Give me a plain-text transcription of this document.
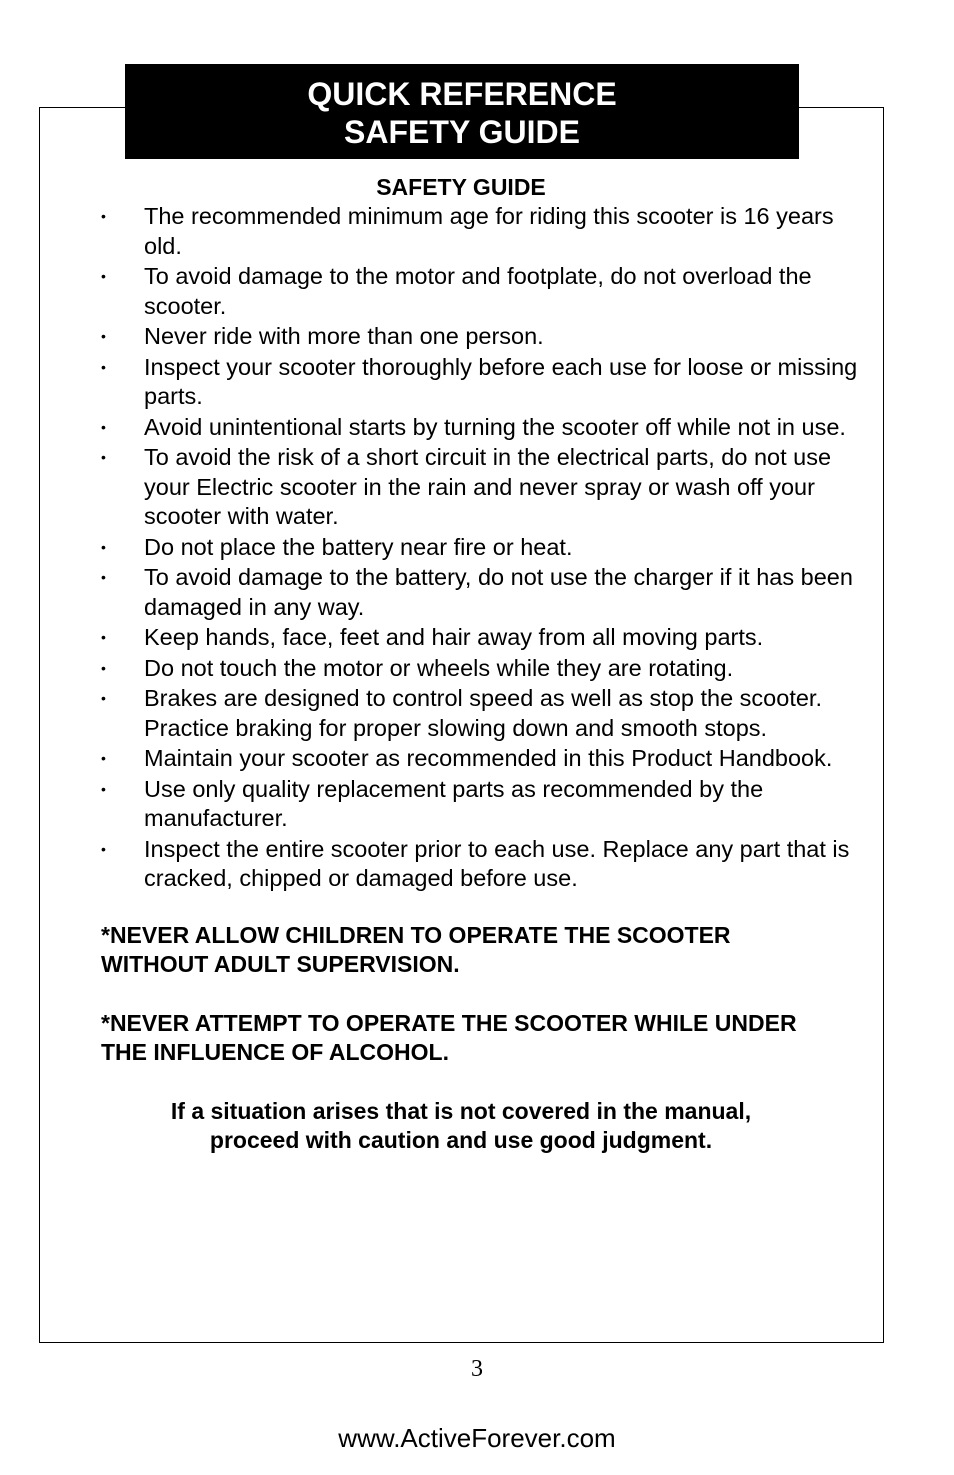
QUICK REFERENCE
SAFETY GUIDE
SAFETY GUIDE
• The recommended minimum age for riding this scooter is 16 years old.
• To avoid damage to the motor and footplate, do not overload the scooter.
• Never ride with more than one person.
• Inspect your scooter thoroughly before each use for loose or missing parts.
• Avoid unintentional starts by turning the scooter off while not in use.
• To avoid the risk of a short circuit in the electrical parts, do not use your Electric scooter in the rain and never spray or wash off your scooter with water.
• Do not place the battery near fire or heat.
• To avoid damage to the battery, do not use the charger if it has been damaged in any way.
• Keep hands, face, feet and hair away from all moving parts.
• Do not touch the motor or wheels while they are rotating.
• Brakes are designed to control speed as well as stop the scooter. Practice braking for proper slowing down and smooth stops.
• Maintain your scooter as recommended in this Product Handbook.
• Use only quality replacement parts as recommended by the manufacturer.
• Inspect the entire scooter prior to each use. Replace any part that is cracked, chipped or damaged before use.

*NEVER ALLOW CHILDREN TO OPERATE THE SCOOTER WITHOUT ADULT SUPERVISION.

*NEVER ATTEMPT TO OPERATE THE SCOOTER WHILE UNDER THE INFLUENCE OF ALCOHOL.

If a situation arises that is not covered in the manual,
proceed with caution and use good judgment.
3
www.ActiveForever.com
